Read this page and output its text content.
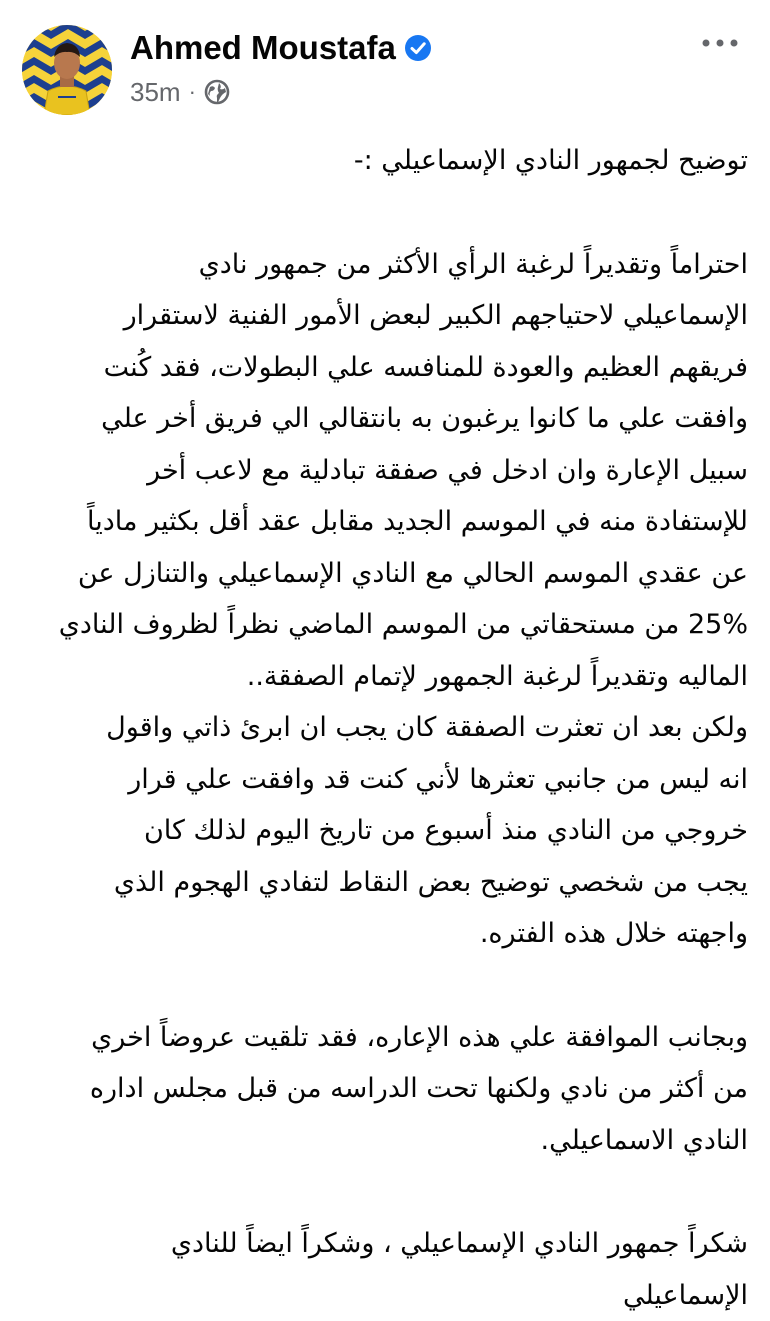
Ahmed Moustafa
35m ·

توضيح لجمهور النادي الإسماعيلي :-

احتراماً وتقديراً لرغبة الرأي الأكثر من جمهور نادي
الإسماعيلي لاحتياجهم الكبير لبعض الأمور الفنية لاستقرار
فريقهم العظيم والعودة للمنافسه علي البطولات، فقد كُنت
وافقت علي ما كانوا يرغبون به بانتقالي الي فريق أخر علي
سبيل الإعارة وان ادخل في صفقة تبادلية مع لاعب أخر
للإستفادة منه في الموسم الجديد مقابل عقد أقل بكثير مادياً
عن عقدي الموسم الحالي مع النادي الإسماعيلي والتنازل عن
25% من مستحقاتي من الموسم الماضي نظراً لظروف النادي
الماليه وتقديراً لرغبة الجمهور لإتمام الصفقة..
ولكن بعد ان تعثرت الصفقة كان يجب ان ابرئ ذاتي واقول
انه ليس من جانبي تعثرها لأني كنت قد وافقت علي قرار
خروجي من النادي منذ أسبوع من تاريخ اليوم لذلك كان
يجب من شخصي توضيح بعض النقاط لتفادي الهجوم الذي
واجهته خلال هذه الفتره.

وبجانب الموافقة علي هذه الإعاره، فقد تلقيت عروضاً اخري
من أكثر من نادي ولكنها تحت الدراسه من قبل مجلس اداره
النادي الاسماعيلي.

شكراً جمهور النادي الإسماعيلي ، وشكراً ايضاً للنادي
الإسماعيلي
